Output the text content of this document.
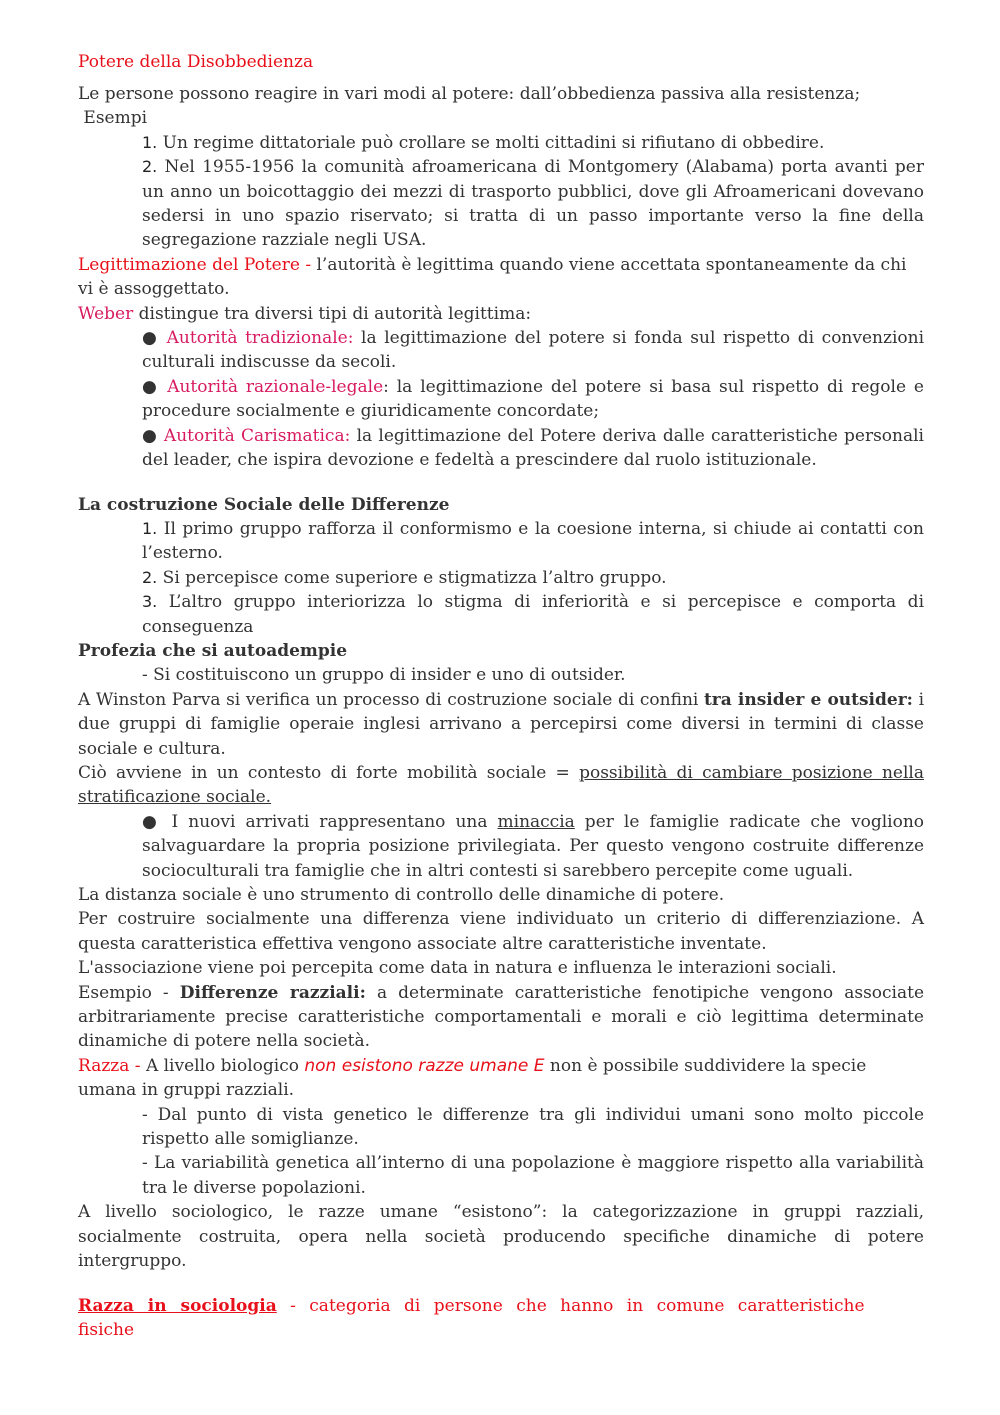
Potere della Disobbedienza

Le persone possono reagire in vari modi al potere: dall’obbedienza passiva alla resistenza;

Esempi

1. Un regime dittatoriale può crollare se molti cittadini si rifiutano di obbedire.

2. Nel 1955-1956 la comunità afroamericana di Montgomery (Alabama) porta avanti per un anno un boicottaggio dei mezzi di trasporto pubblici, dove gli Afroamericani dovevano sedersi in uno spazio riservato; si tratta di un passo importante verso la fine della segregazione razziale negli USA.

Legittimazione del Potere - l’autorità è legittima quando viene accettata spontaneamente da chi vi è assoggettato.

Weber distingue tra diversi tipi di autorità legittima:

● Autorità tradizionale: la legittimazione del potere si fonda sul rispetto di convenzioni culturali indiscusse da secoli.

● Autorità razionale-legale: la legittimazione del potere si basa sul rispetto di regole e procedure socialmente e giuridicamente concordate;

● Autorità Carismatica: la legittimazione del Potere deriva dalle caratteristiche personali del leader, che ispira devozione e fedeltà a prescindere dal ruolo istituzionale.

La costruzione Sociale delle Differenze

1. Il primo gruppo rafforza il conformismo e la coesione interna, si chiude ai contatti con l’esterno.

2. Si percepisce come superiore e stigmatizza l’altro gruppo.

3. L’altro gruppo interiorizza lo stigma di inferiorità e si percepisce e comporta di conseguenza

Profezia che si autoadempie

- Si costituiscono un gruppo di insider e uno di outsider.

A Winston Parva si verifica un processo di costruzione sociale di confini tra insider e outsider: i due gruppi di famiglie operaie inglesi arrivano a percepirsi come diversi in termini di classe sociale e cultura.

Ciò avviene in un contesto di forte mobilità sociale = possibilità di cambiare posizione nella stratificazione sociale.

● I nuovi arrivati rappresentano una minaccia per le famiglie radicate che vogliono salvaguardare la propria posizione privilegiata. Per questo vengono costruite differenze socioculturali tra famiglie che in altri contesti si sarebbero percepite come uguali.

La distanza sociale è uno strumento di controllo delle dinamiche di potere.

Per costruire socialmente una differenza viene individuato un criterio di differenziazione. A questa caratteristica effettiva vengono associate altre caratteristiche inventate.

L'associazione viene poi percepita come data in natura e influenza le interazioni sociali.

Esempio - Differenze razziali: a determinate caratteristiche fenotipiche vengono associate arbitrariamente precise caratteristiche comportamentali e morali e ciò legittima determinate dinamiche di potere nella società.

Razza - A livello biologico non esistono razze umane E non è possibile suddividere la specie umana in gruppi razziali.

- Dal punto di vista genetico le differenze tra gli individui umani sono molto piccole rispetto alle somiglianze.

- La variabilità genetica all’interno di una popolazione è maggiore rispetto alla variabilità tra le diverse popolazioni.

A livello sociologico, le razze umane “esistono”: la categorizzazione in gruppi razziali, socialmente costruita, opera nella società producendo specifiche dinamiche di potere intergruppo.

Razza in sociologia - categoria di persone che hanno in comune caratteristiche fisiche
